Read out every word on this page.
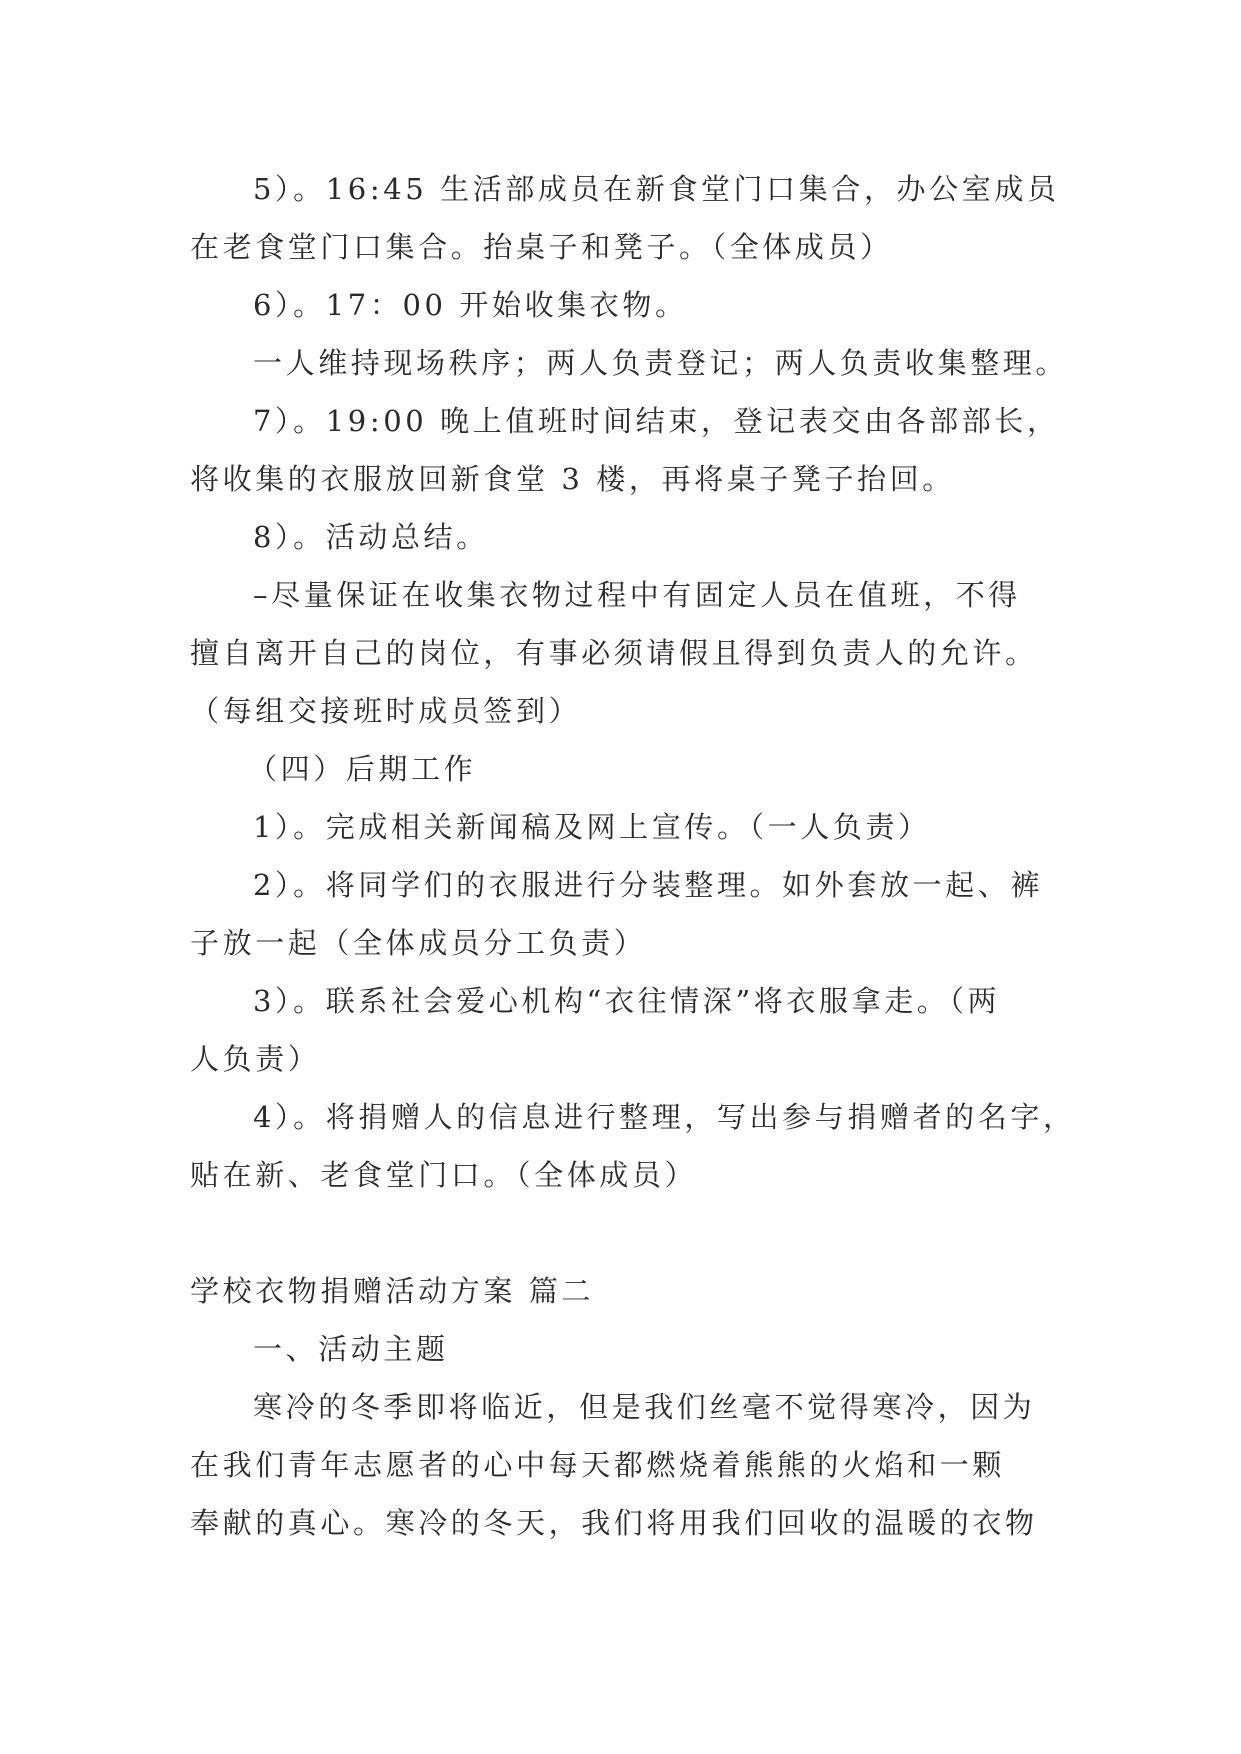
5）。16:45 生活部成员在新食堂门口集合，办公室成员
在老食堂门口集合。抬桌子和凳子。（全体成员）
6）。17：00 开始收集衣物。
一人维持现场秩序；两人负责登记；两人负责收集整理。
7）。19:00 晚上值班时间结束，登记表交由各部部长，
将收集的衣服放回新食堂 3 楼，再将桌子凳子抬回。
8）。活动总结。
–尽量保证在收集衣物过程中有固定人员在值班，不得
擅自离开自己的岗位，有事必须请假且得到负责人的允许。
（每组交接班时成员签到）
（四）后期工作
1）。完成相关新闻稿及网上宣传。（一人负责）
2）。将同学们的衣服进行分装整理。如外套放一起、裤
子放一起（全体成员分工负责）
3）。联系社会爱心机构“衣往情深”将衣服拿走。（两
人负责）
4）。将捐赠人的信息进行整理，写出参与捐赠者的名字，
贴在新、老食堂门口。（全体成员）
学校衣物捐赠活动方案 篇二
一、活动主题
寒冷的冬季即将临近，但是我们丝毫不觉得寒冷，因为
在我们青年志愿者的心中每天都燃烧着熊熊的火焰和一颗
奉献的真心。寒冷的冬天，我们将用我们回收的温暖的衣物
